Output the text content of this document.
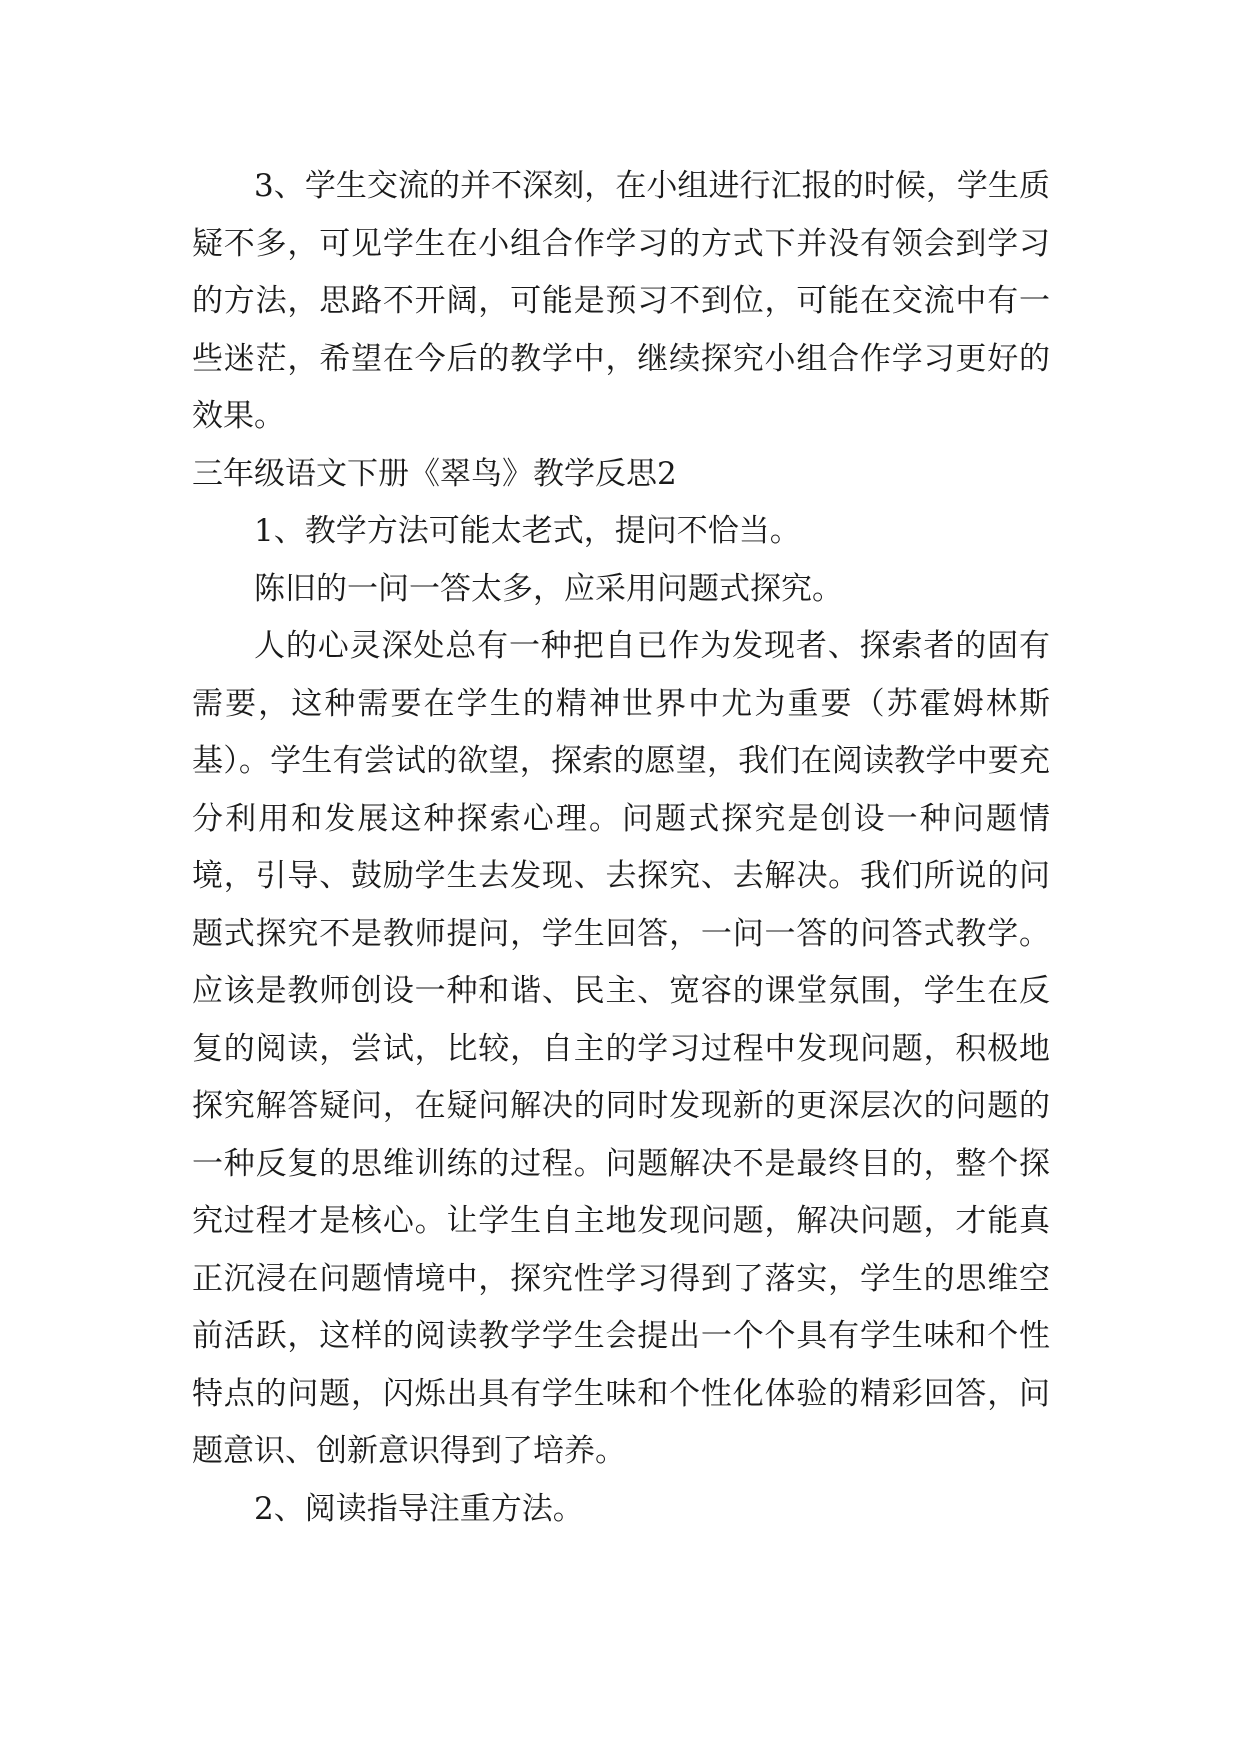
3、学生交流的并不深刻，在小组进行汇报的时候，学生质疑不多，可见学生在小组合作学习的方式下并没有领会到学习的方法，思路不开阔，可能是预习不到位，可能在交流中有一些迷茫，希望在今后的教学中，继续探究小组合作学习更好的效果。

三年级语文下册《翠鸟》教学反思2

1、教学方法可能太老式，提问不恰当。

陈旧的一问一答太多，应采用问题式探究。

人的心灵深处总有一种把自已作为发现者、探索者的固有需要，这种需要在学生的精神世界中尤为重要（苏霍姆林斯基）。学生有尝试的欲望，探索的愿望，我们在阅读教学中要充分利用和发展这种探索心理。问题式探究是创设一种问题情境，引导、鼓励学生去发现、去探究、去解决。我们所说的问题式探究不是教师提问，学生回答，一问一答的问答式教学。应该是教师创设一种和谐、民主、宽容的课堂氛围，学生在反复的阅读，尝试，比较，自主的学习过程中发现问题，积极地探究解答疑问，在疑问解决的同时发现新的更深层次的问题的一种反复的思维训练的过程。问题解决不是最终目的，整个探究过程才是核心。让学生自主地发现问题，解决问题，才能真正沉浸在问题情境中，探究性学习得到了落实，学生的思维空前活跃，这样的阅读教学学生会提出一个个具有学生味和个性特点的问题，闪烁出具有学生味和个性化体验的精彩回答，问题意识、创新意识得到了培养。

2、阅读指导注重方法。
